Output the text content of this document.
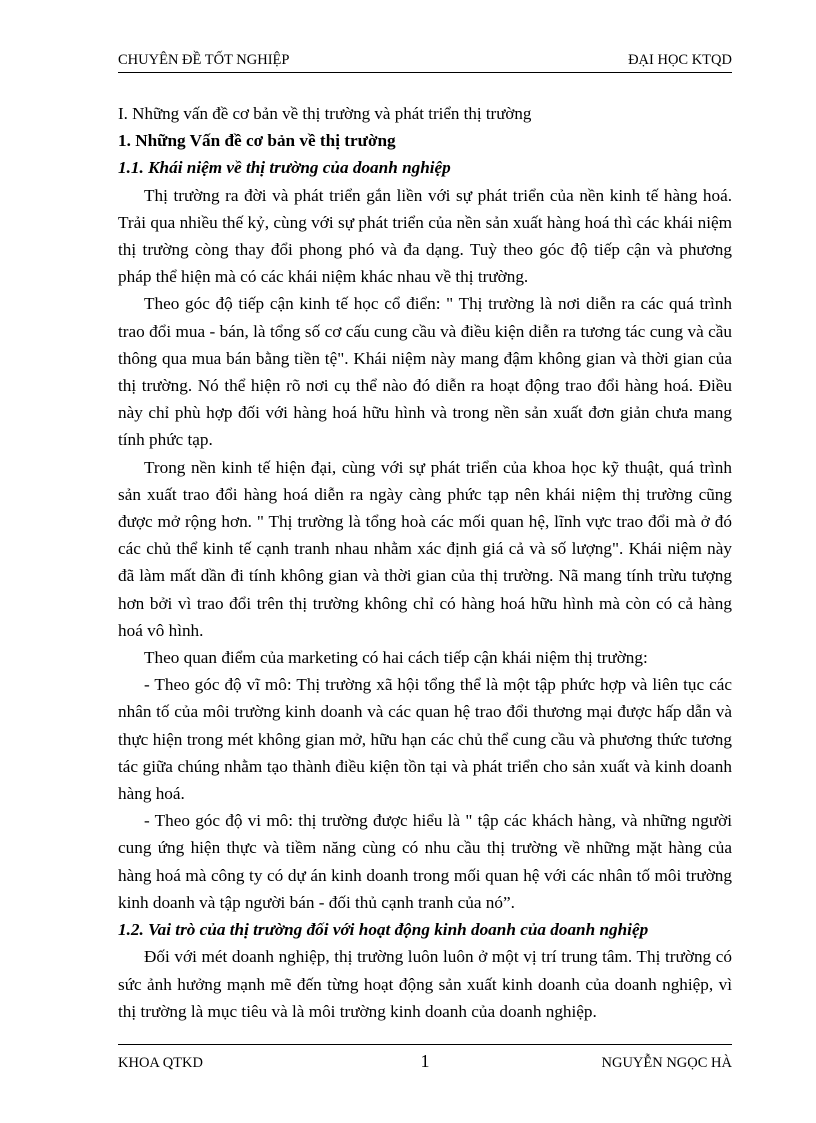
CHUYÊN ĐỀ TỐT NGHIỆP	ĐẠI HỌC KTQD

I. Những vấn đề cơ bản về thị trường và phát triển thị trường

1. Những Vấn đề cơ bản về thị trường

1.1. Khái niệm về thị trường của doanh nghiệp

Thị trường ra đời và phát triển gắn liền với sự phát triển của nền kinh tế hàng hoá. Trải qua nhiều thế kỷ, cùng với sự phát triển của nền sản xuất hàng hoá thì các khái niệm thị trường còng thay đổi phong phó và đa dạng. Tuỳ theo góc độ tiếp cận và phương pháp thể hiện mà có các khái niệm khác nhau về thị trường.

Theo góc độ tiếp cận kinh tế học cổ điển: " Thị trường là nơi diễn ra các quá trình trao đổi mua - bán, là tổng số cơ cấu cung cầu và điều kiện diễn ra tương tác cung và cầu thông qua mua bán bằng tiền tệ". Khái niệm này mang đậm không gian và thời gian của thị trường. Nó thể hiện rõ nơi cụ thể nào đó diễn ra hoạt động trao đổi hàng hoá. Điều này chỉ phù hợp đối với hàng hoá hữu hình và trong nền sản xuất đơn giản chưa mang tính phức tạp.

Trong nền kinh tế hiện đại, cùng với sự phát triển của khoa học kỹ thuật, quá trình sản xuất trao đổi hàng hoá diễn ra ngày càng phức tạp nên khái niệm thị trường cũng được mở rộng hơn. " Thị trường là tổng hoà các mối quan hệ, lĩnh vực trao đổi mà ở đó các chủ thể kinh tế cạnh tranh nhau nhằm xác định giá cả và số lượng". Khái niệm này đã làm mất dần đi tính không gian và thời gian của thị trường. Nã mang tính trừu tượng hơn bởi vì trao đổi trên thị trường không chỉ có hàng hoá hữu hình mà còn có cả hàng hoá vô hình.

Theo quan điểm của marketing có hai cách tiếp cận khái niệm thị trường:

- Theo góc độ vĩ mô: Thị trường xã hội tổng thể là một tập phức hợp và liên tục các nhân tố của môi trường kinh doanh và các quan hệ trao đổi thương mại được hấp dẫn và thực hiện trong mét không gian mở, hữu hạn các chủ thể cung cầu và phương thức tương tác giữa chúng nhằm tạo thành điều kiện tồn tại và phát triển cho sản xuất và kinh doanh hàng hoá.

- Theo góc độ vi mô: thị trường được hiểu là " tập các khách hàng, và những người cung ứng hiện thực và tiềm năng cùng có nhu cầu thị trường về những mặt hàng của hàng hoá mà công ty có dự án kinh doanh trong mối quan hệ với các nhân tố môi trường kinh doanh và tập người bán - đối thủ cạnh tranh của nó”.

1.2. Vai trò của thị trường đối với hoạt động kinh doanh của doanh nghiệp

Đối với mét doanh nghiệp, thị trường luôn luôn ở một vị trí trung tâm. Thị trường có sức ảnh hưởng mạnh mẽ đến từng hoạt động sản xuất kinh doanh của doanh nghiệp, vì thị trường là mục tiêu và là môi trường kinh doanh của doanh nghiệp.

KHOA QTKD	1	NGUYỄN NGỌC HÀ
